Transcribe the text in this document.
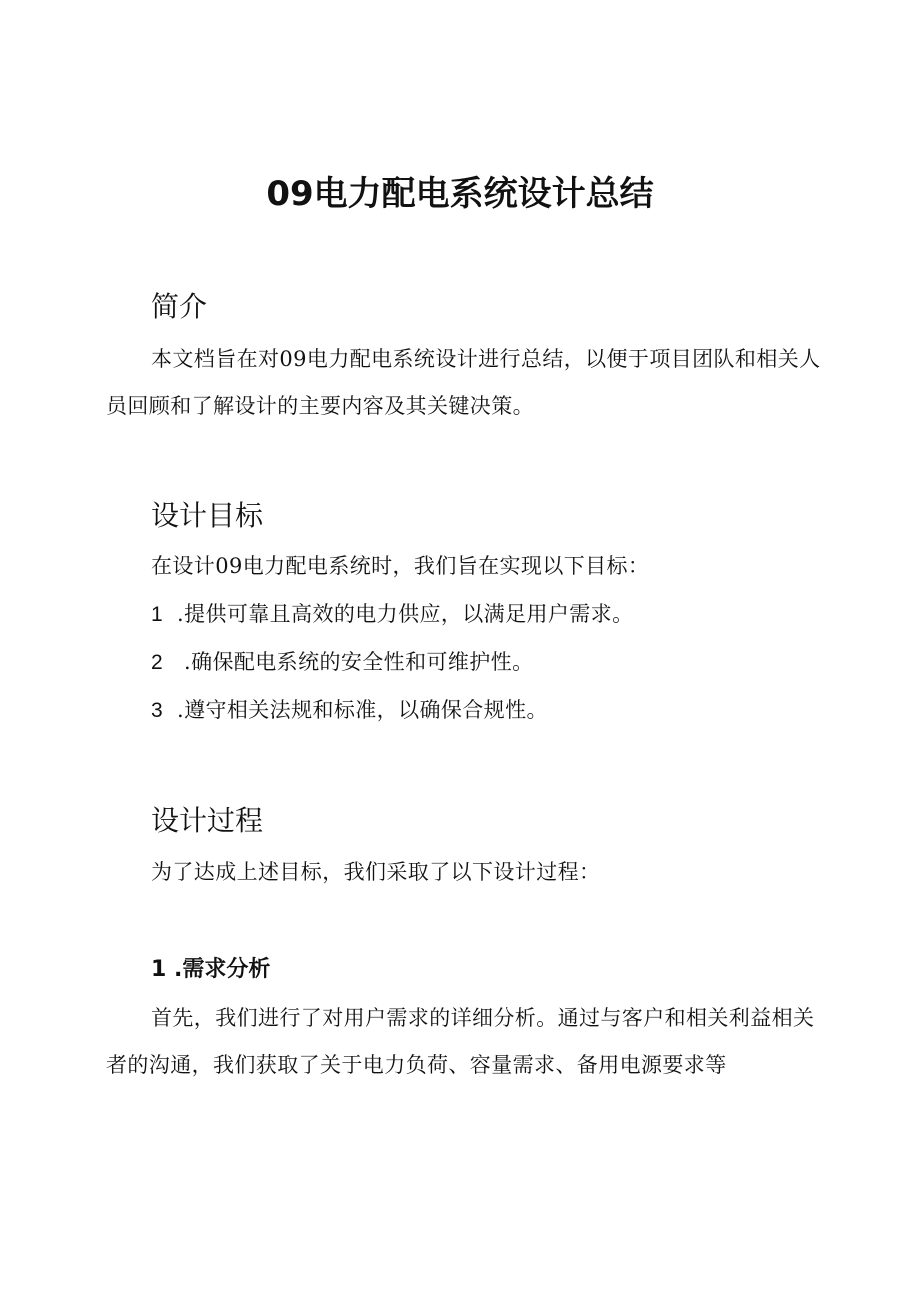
09电力配电系统设计总结
简介

本文档旨在对09电力配电系统设计进行总结，以便于项目团队和相关人员回顾和了解设计的主要内容及其关键决策。

设计目标
在设计09电力配电系统时，我们旨在实现以下目标：
1 .提供可靠且高效的电力供应，以满足用户需求。
2 .确保配电系统的安全性和可维护性。
3 .遵守相关法规和标准，以确保合规性。
设计过程
为了达成上述目标，我们采取了以下设计过程：
1 .需求分析

首先，我们进行了对用户需求的详细分析。通过与客户和相关利益相关者的沟通，我们获取了关于电力负荷、容量需求、备用电源要求等
